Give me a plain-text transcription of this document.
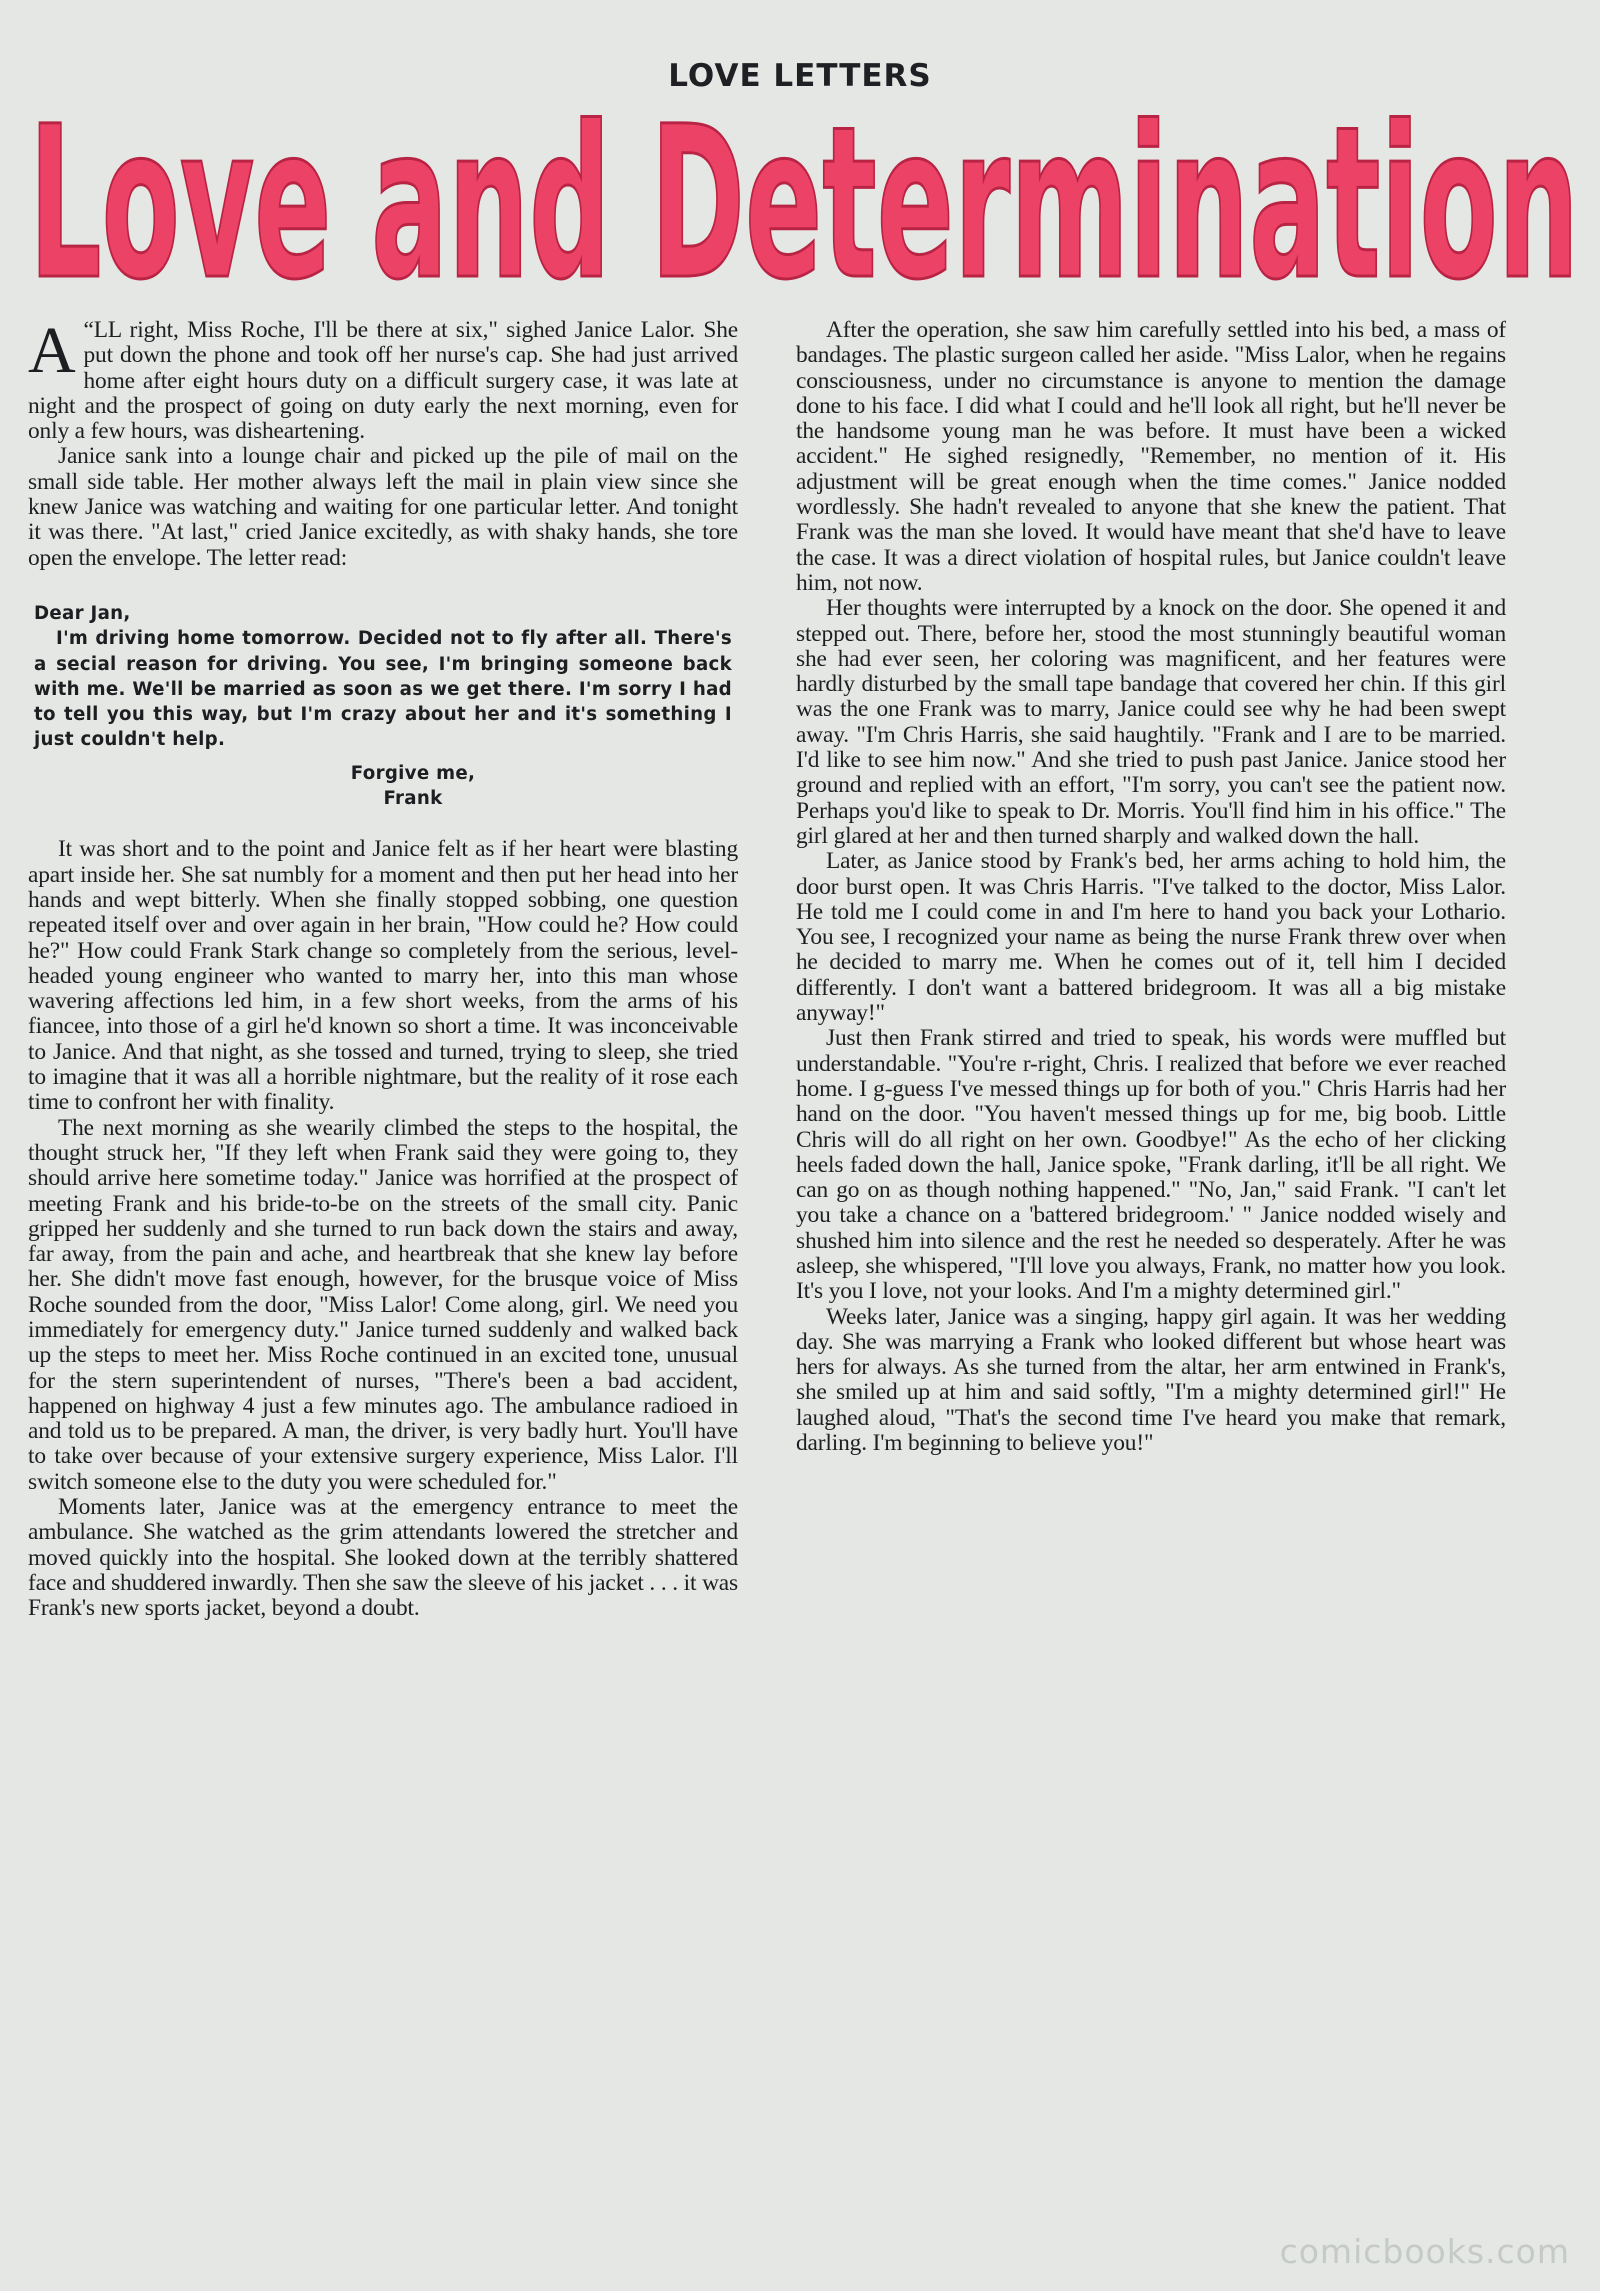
LOVE LETTERS
Love and Determination

“
A LL right, Miss Roche, I'll be there at six," sighed Janice Lalor. She put down the phone and took off her nurse's cap. She had just arrived home after eight hours duty on a difficult surgery case, it was late at night and the prospect of going on duty early the next morning, even for only a few hours, was disheartening.

Janice sank into a lounge chair and picked up the pile of mail on the small side table. Her mother always left the mail in plain view since she knew Janice was watching and waiting for one particular letter. And tonight it was there. "At last," cried Janice excitedly, as with shaky hands, she tore open the envelope. The letter read:

Dear Jan,
I'm driving home tomorrow. Decided not to fly after all. There's a secial reason for driving. You see, I'm bringing someone back with me. We'll be married as soon as we get there. I'm sorry I had to tell you this way, but I'm crazy about her and it's something I just couldn't help.
Forgive me,
Frank

It was short and to the point and Janice felt as if her heart were blasting apart inside her. She sat numbly for a moment and then put her head into her hands and wept bitterly. When she finally stopped sobbing, one question repeated itself over and over again in her brain, "How could he? How could he?" How could Frank Stark change so completely from the serious, level-headed young engineer who wanted to marry her, into this man whose wavering affections led him, in a few short weeks, from the arms of his fiancee, into those of a girl he'd known so short a time. It was inconceivable to Janice. And that night, as she tossed and turned, trying to sleep, she tried to imagine that it was all a horrible nightmare, but the reality of it rose each time to confront her with finality.

The next morning as she wearily climbed the steps to the hospital, the thought struck her, "If they left when Frank said they were going to, they should arrive here sometime today." Janice was horrified at the prospect of meeting Frank and his bride-to-be on the streets of the small city. Panic gripped her suddenly and she turned to run back down the stairs and away, far away, from the pain and ache, and heartbreak that she knew lay before her. She didn't move fast enough, however, for the brusque voice of Miss Roche sounded from the door, "Miss Lalor! Come along, girl. We need you immediately for emergency duty." Janice turned suddenly and walked back up the steps to meet her. Miss Roche continued in an excited tone, unusual for the stern superintendent of nurses, "There's been a bad accident, happened on highway 4 just a few minutes ago. The ambulance radioed in and told us to be prepared. A man, the driver, is very badly hurt. You'll have to take over because of your extensive surgery experience, Miss Lalor. I'll switch someone else to the duty you were scheduled for."

Moments later, Janice was at the emergency entrance to meet the ambulance. She watched as the grim attendants lowered the stretcher and moved quickly into the hospital. She looked down at the terribly shattered face and shuddered inwardly. Then she saw the sleeve of his jacket . . . it was Frank's new sports jacket, beyond a doubt.

After the operation, she saw him carefully settled into his bed, a mass of bandages. The plastic surgeon called her aside. "Miss Lalor, when he regains consciousness, under no circumstance is anyone to mention the damage done to his face. I did what I could and he'll look all right, but he'll never be the handsome young man he was before. It must have been a wicked accident." He sighed resignedly, "Remember, no mention of it. His adjustment will be great enough when the time comes." Janice nodded wordlessly. She hadn't revealed to anyone that she knew the patient. That Frank was the man she loved. It would have meant that she'd have to leave the case. It was a direct violation of hospital rules, but Janice couldn't leave him, not now.

Her thoughts were interrupted by a knock on the door. She opened it and stepped out. There, before her, stood the most stunningly beautiful woman she had ever seen, her coloring was magnificent, and her features were hardly disturbed by the small tape bandage that covered her chin. If this girl was the one Frank was to marry, Janice could see why he had been swept away. "I'm Chris Harris, she said haughtily. "Frank and I are to be married. I'd like to see him now." And she tried to push past Janice. Janice stood her ground and replied with an effort, "I'm sorry, you can't see the patient now. Perhaps you'd like to speak to Dr. Morris. You'll find him in his office." The girl glared at her and then turned sharply and walked down the hall.

Later, as Janice stood by Frank's bed, her arms aching to hold him, the door burst open. It was Chris Harris. "I've talked to the doctor, Miss Lalor. He told me I could come in and I'm here to hand you back your Lothario. You see, I recognized your name as being the nurse Frank threw over when he decided to marry me. When he comes out of it, tell him I decided differently. I don't want a battered bridegroom. It was all a big mistake anyway!"

Just then Frank stirred and tried to speak, his words were muffled but understandable. "You're r-right, Chris. I realized that before we ever reached home. I g-guess I've messed things up for both of you." Chris Harris had her hand on the door. "You haven't messed things up for me, big boob. Little Chris will do all right on her own. Goodbye!" As the echo of her clicking heels faded down the hall, Janice spoke, "Frank darling, it'll be all right. We can go on as though nothing happened." "No, Jan," said Frank. "I can't let you take a chance on a 'battered bridegroom.' " Janice nodded wisely and shushed him into silence and the rest he needed so desperately. After he was asleep, she whispered, "I'll love you always, Frank, no matter how you look. It's you I love, not your looks. And I'm a mighty determined girl."

Weeks later, Janice was a singing, happy girl again. It was her wedding day. She was marrying a Frank who looked different but whose heart was hers for always. As she turned from the altar, her arm entwined in Frank's, she smiled up at him and said softly, "I'm a mighty determined girl!" He laughed aloud, "That's the second time I've heard you make that remark, darling. I'm beginning to believe you!"

comicbooks.com
